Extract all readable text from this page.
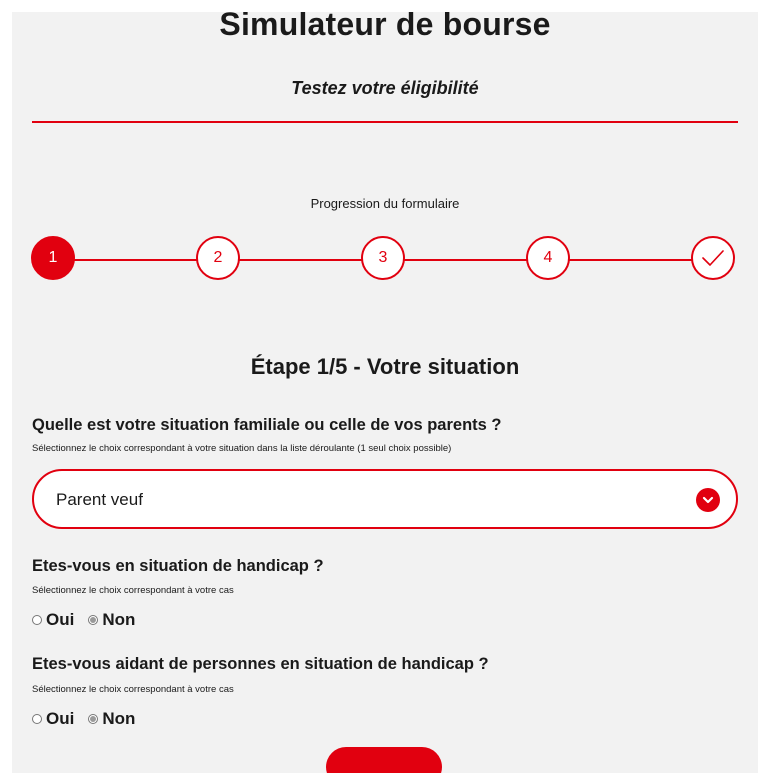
Simulateur de bourse

Testez votre éligibilité

Progression du formulaire
1	2	3	4
Étape 1/5 - Votre situation
Quelle est votre situation familiale ou celle de vos parents ?

Sélectionnez le choix correspondant à votre situation dans la liste déroulante (1 seul choix possible)

Parent veuf
Etes-vous en situation de handicap ?

Sélectionnez le choix correspondant à votre cas

Oui Non
Etes-vous aidant de personnes en situation de handicap ?

Sélectionnez le choix correspondant à votre cas

Oui Non
